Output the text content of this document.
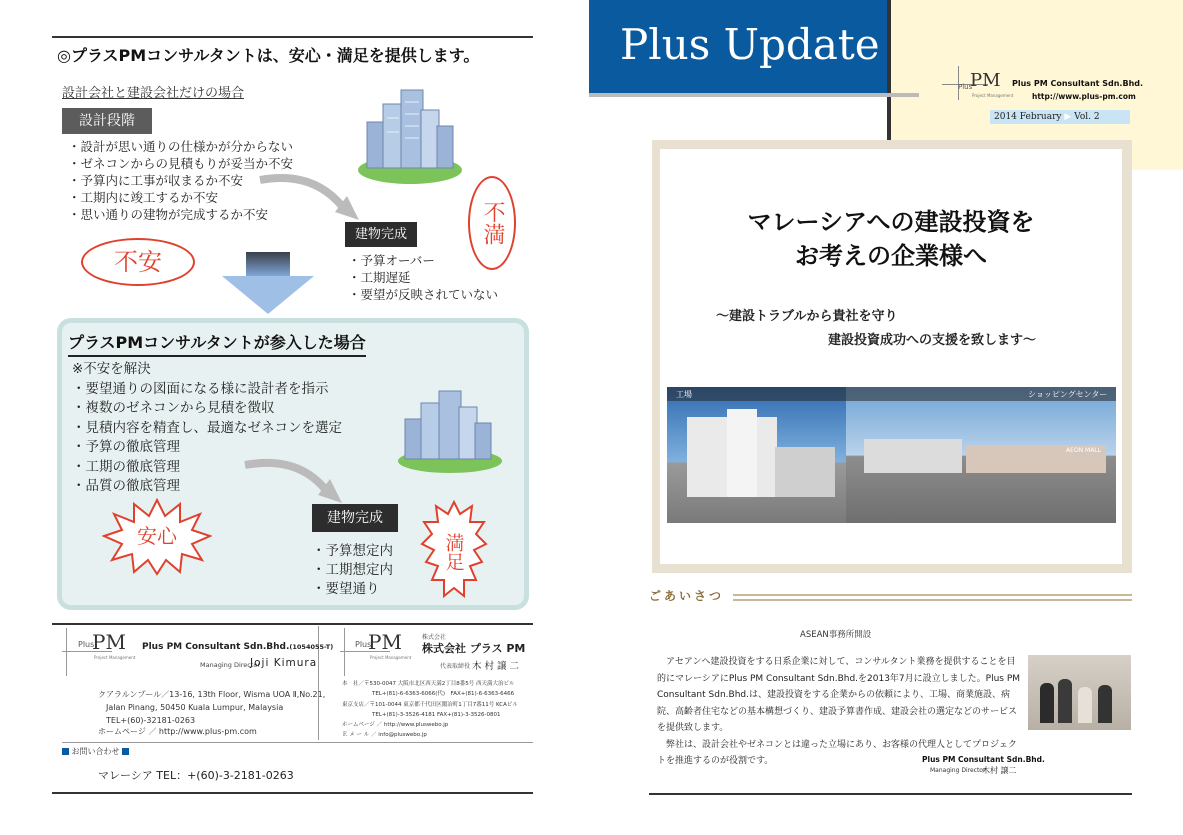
◎プラスPMコンサルタントは、安心・満足を提供します。
設計会社と建設会社だけの場合
設計段階
・設計が思い通りの仕様かが分からない
・ゼネコンからの見積もりが妥当か不安
・予算内に工事が収まるか不安
・工期内に竣工するか不安
・思い通りの建物が完成するか不安
建物完成
・予算オーバー
・工期遅延
・要望が反映されていない
不安
不満
プラスPMコンサルタントが参入した場合
※不安を解決
・要望通りの図面になる様に設計者を指示
・複数のゼネコンから見積を徴収
・見積内容を精査し、最適なゼネコンを選定
・予算の徹底管理
・工期の徹底管理
・品質の徹底管理
安心
建物完成
・予算想定内
・工期想定内
・要望通り
満足
Plus
PM
Project Management
Plus PM Consultant Sdn.Bhd.(1054055-T)
Managing Director
Joji Kimura
クアラルンプール／13-16, 13th Floor, Wisma UOA Ⅱ,No.21,
Jalan Pinang, 50450 Kuala Lumpur, Malaysia
TEL+(60)-32181-0263
ホームページ ／ http://www.plus-pm.com
Plus
PM
Project Management
株式会社
株式会社 プラス PM
代表取締役 木 村 譲 二
本　社／〒530-0047 大阪市北区西天満2丁目8番5号 西天満大治ビル
TEL+(81)-6-6363-6066(代)　FAX+(81)-6-6363-6466
東京支店／〒101-0044 東京都千代田区鍛冶町1丁目7番11号 KCAビル
TEL+(81)-3-3526-4181 FAX+(81)-3-3526-0801
ホームページ ／ http://www.pluswebo.jp
Ｅ メ ー ル ／ info@pluswebo.jp
お問い合わせ
マレーシア TEL：+(60)-3-2181-0263
Plus Update
Plus
PM
Project Management
Plus PM Consultant Sdn.Bhd.
http://www.plus-pm.com
2014 February ▶ Vol. 2
マレーシアへの建設投資を
お考えの企業様へ
～建設トラブルから貴社を守り
建設投資成功への支援を致します～
AEON MALL
工場	ショッピングセンター
ごあいさつ
ASEAN事務所開設
　アセアンへ建設投資をする日系企業に対して、コンサルタント業務を提供することを目的にマレーシアにPlus PM Consultant Sdn.Bhd.を2013年7月に設立しました。Plus PM Consultant Sdn.Bhd.は、建設投資をする企業からの依頼により、工場、商業施設、病院、高齢者住宅などの基本構想づくり、建設予算書作成、建設会社の選定などのサービスを提供致します。
　弊社は、設計会社やゼネコンとは違った立場にあり、お客様の代理人としてプロジェクトを推進するのが役割です。	Plus PM Consultant Sdn.Bhd.
Managing Director
木村 譲二
